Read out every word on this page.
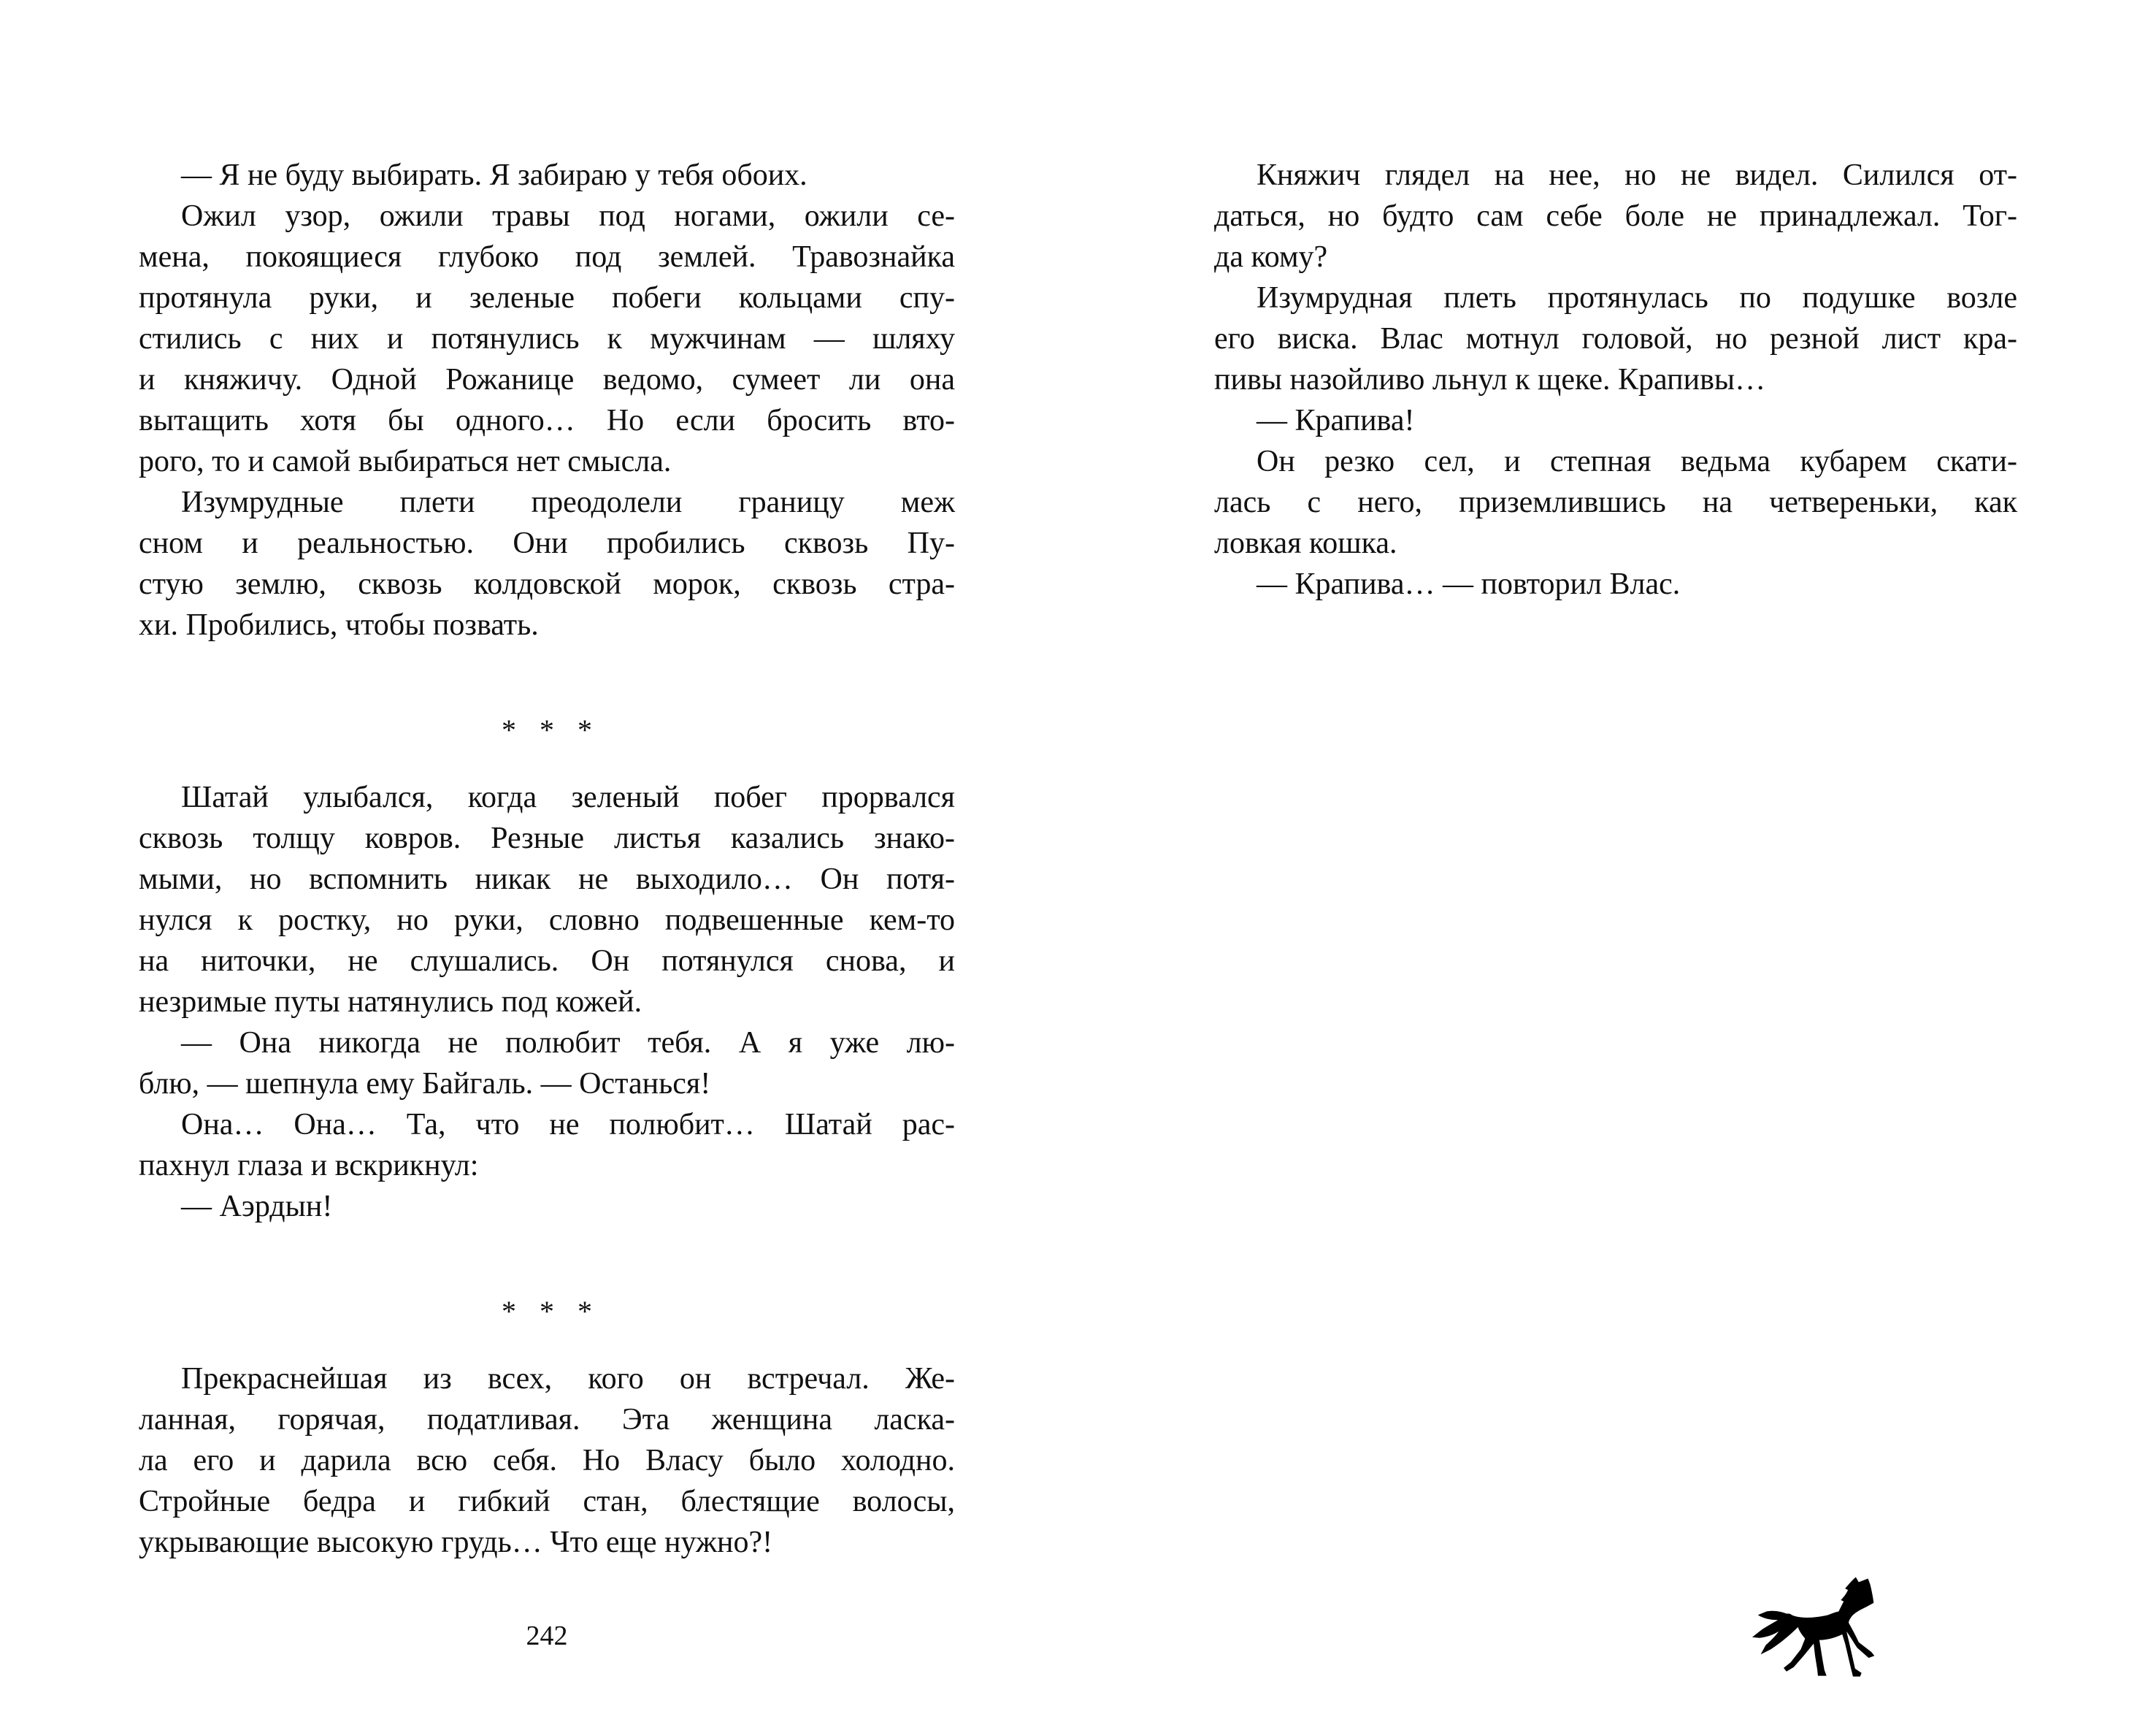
— Я не буду выбирать. Я забираю у тебя обоих.
Ожил узор, ожили травы под ногами, ожили се-
мена, покоящиеся глубоко под землей. Травознайка
протянула руки, и зеленые побеги кольцами спу-
стились с них и потянулись к мужчинам — шляху
и княжичу. Одной Рожанице ведомо, сумеет ли она
вытащить хотя бы одного… Но если бросить вто-
рого, то и самой выбираться нет смысла.
Изумрудные плети преодолели границу меж
сном и реальностью. Они пробились сквозь Пу-
стую землю, сквозь колдовской морок, сквозь стра-
хи. Пробились, чтобы позвать.
* * *
Шатай улыбался, когда зеленый побег прорвался
сквозь толщу ковров. Резные листья казались знако-
мыми, но вспомнить никак не выходило… Он потя-
нулся к ростку, но руки, словно подвешенные кем-то
на ниточки, не слушались. Он потянулся снова, и
незримые путы натянулись под кожей.
— Она никогда не полюбит тебя. А я уже лю-
блю, — шепнула ему Байгаль. — Останься!
Она… Она… Та, что не полюбит… Шатай рас-
пахнул глаза и вскрикнул:
— Аэрдын!
* * *
Прекраснейшая из всех, кого он встречал. Же-
ланная, горячая, податливая. Эта женщина ласка-
ла его и дарила всю себя. Но Власу было холодно.
Стройные бедра и гибкий стан, блестящие волосы,
укрывающие высокую грудь… Что еще нужно?!
Княжич глядел на нее, но не видел. Силился от-
даться, но будто сам себе боле не принадлежал. Тог-
да кому?
Изумрудная плеть протянулась по подушке возле
его виска. Влас мотнул головой, но резной лист кра-
пивы назойливо льнул к щеке. Крапивы…
— Крапива!
Он резко сел, и степная ведьма кубарем скати-
лась с него, приземлившись на четвереньки, как
ловкая кошка.
— Крапива… — повторил Влас.
242
